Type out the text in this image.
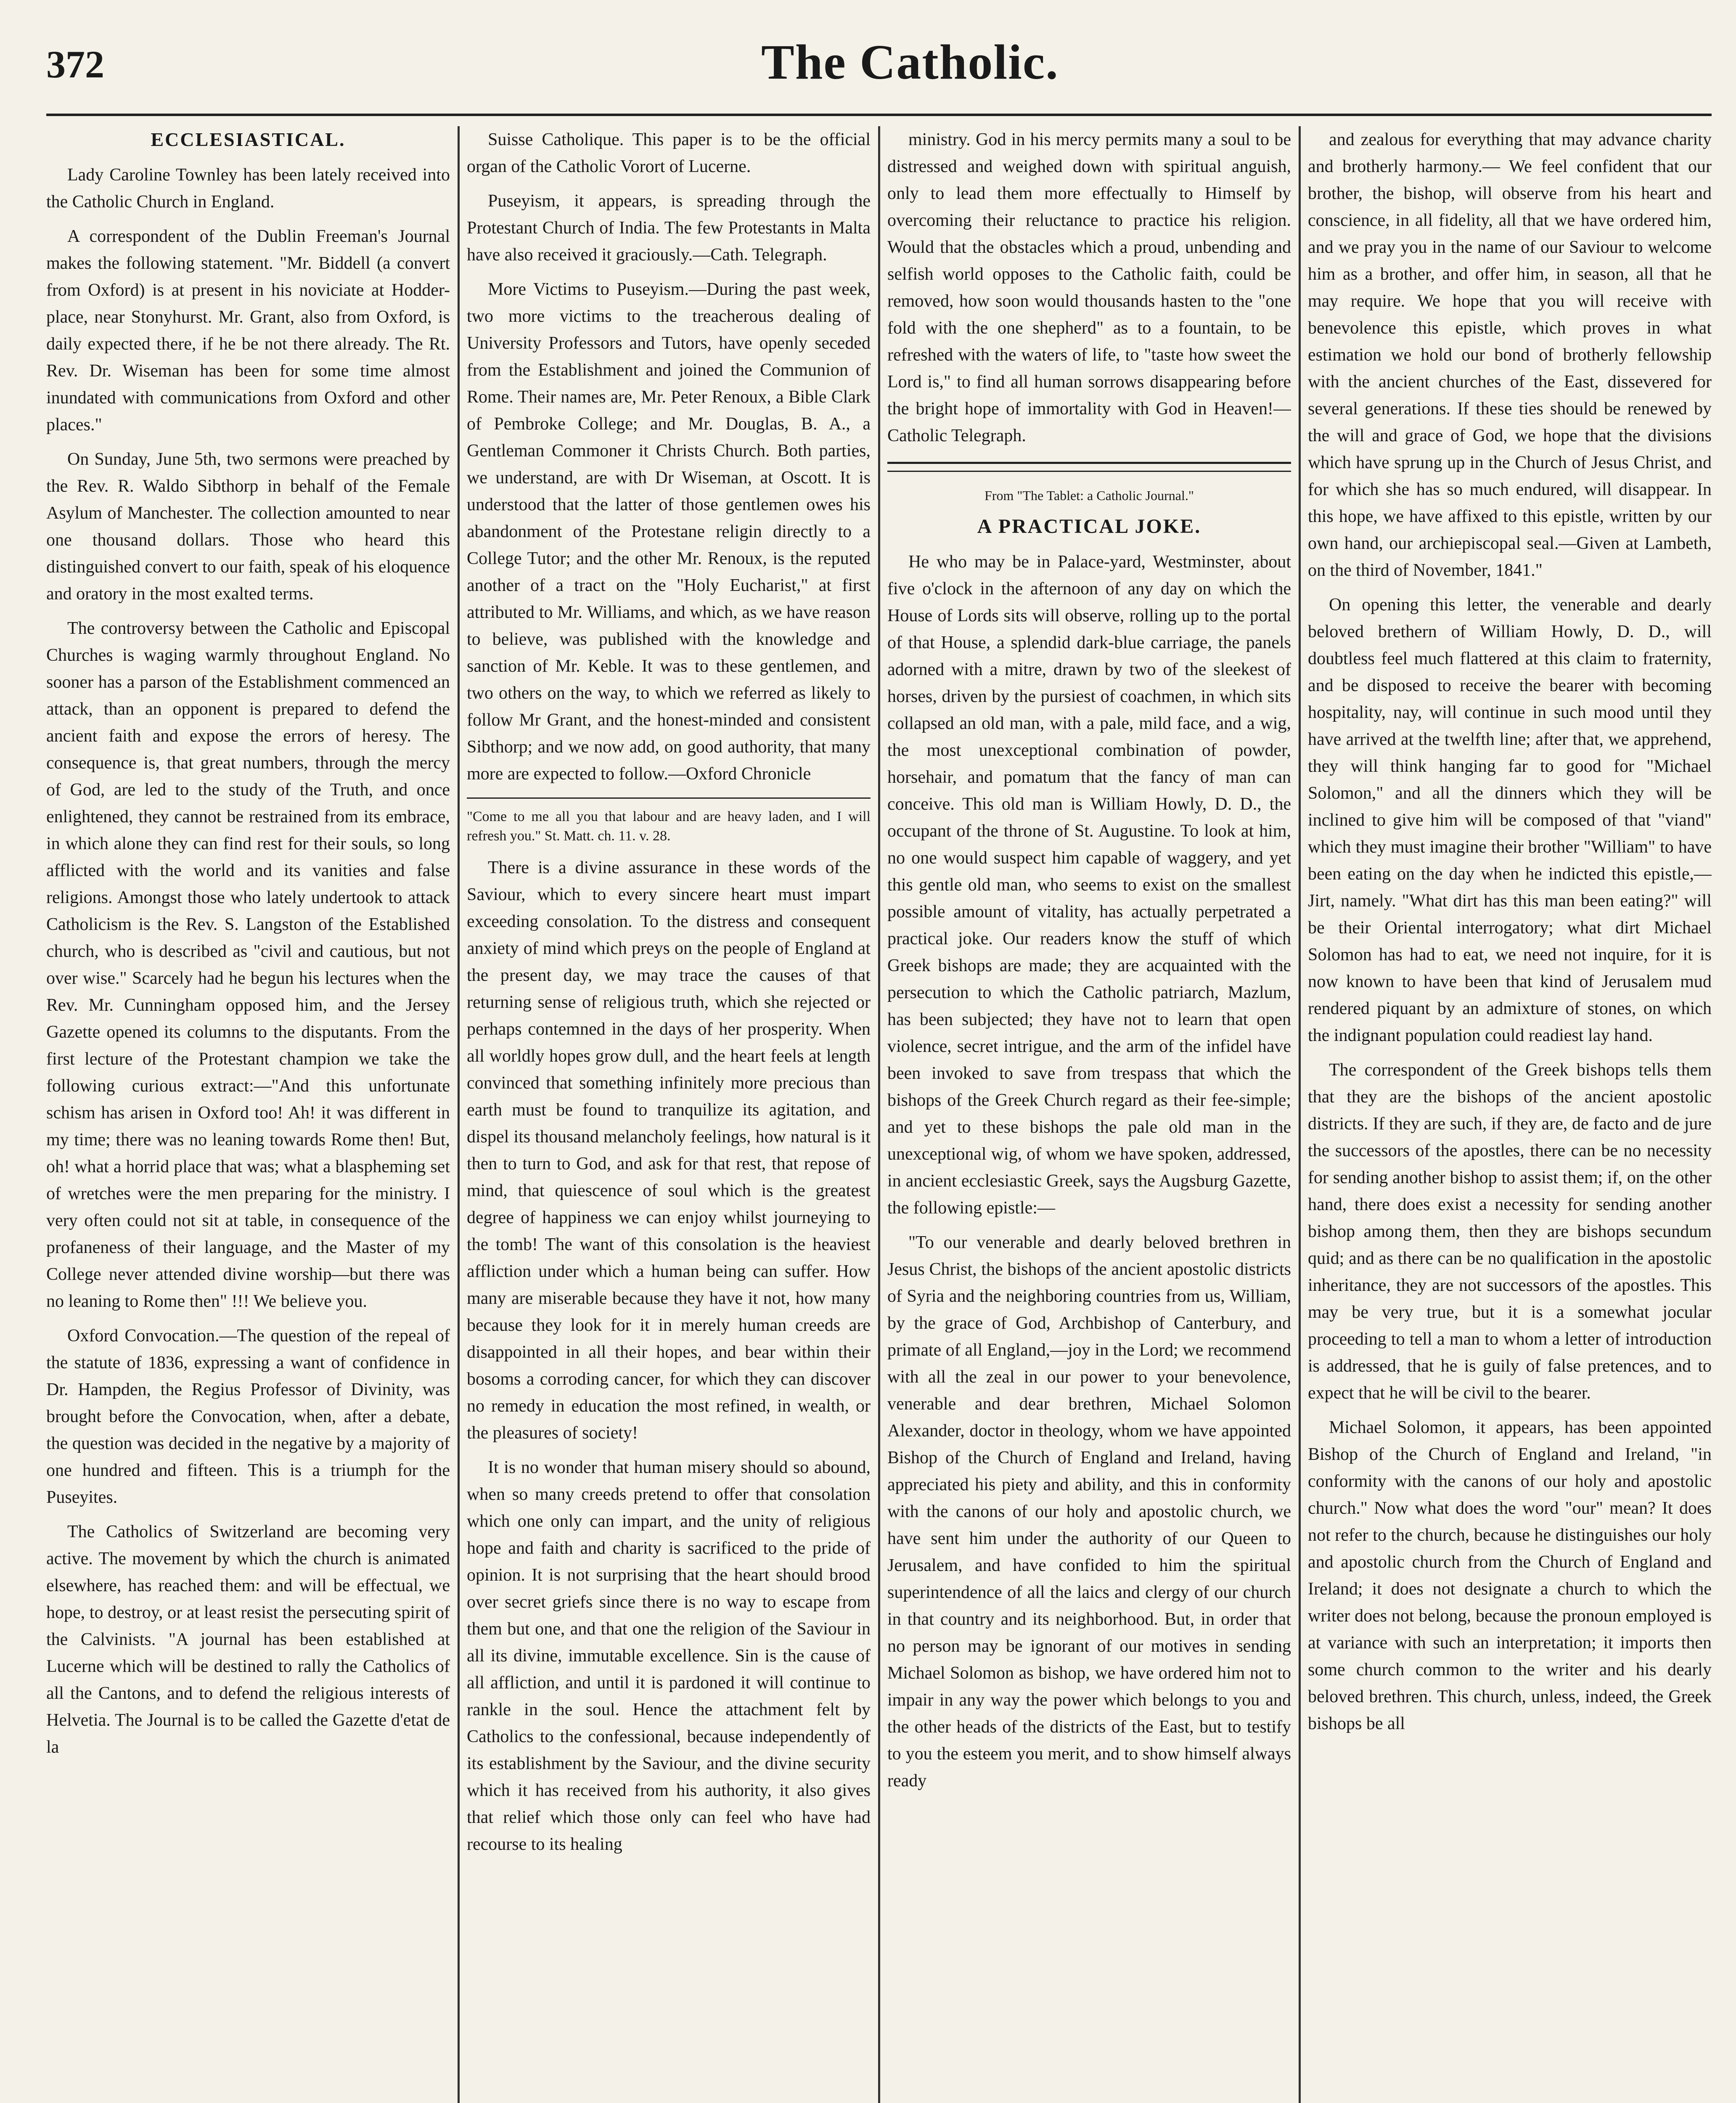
372	The Catholic.
ECCLESIASTICAL.

Lady Caroline Townley has been lately received into the Catholic Church in England.

A correspondent of the Dublin Freeman's Journal makes the following statement. "Mr. Biddell (a convert from Oxford) is at present in his noviciate at Hodder-place, near Stonyhurst. Mr. Grant, also from Oxford, is daily expected there, if he be not there already. The Rt. Rev. Dr. Wiseman has been for some time almost inundated with communications from Oxford and other places."

On Sunday, June 5th, two sermons were preached by the Rev. R. Waldo Sibthorp in behalf of the Female Asylum of Manchester. The collection amounted to near one thousand dollars. Those who heard this distinguished convert to our faith, speak of his eloquence and oratory in the most exalted terms.

The controversy between the Catholic and Episcopal Churches is waging warmly throughout England. No sooner has a parson of the Establishment commenced an attack, than an opponent is prepared to defend the ancient faith and expose the errors of heresy. The consequence is, that great numbers, through the mercy of God, are led to the study of the Truth, and once enlightened, they cannot be restrained from its embrace, in which alone they can find rest for their souls, so long afflicted with the world and its vanities and false religions. Amongst those who lately undertook to attack Catholicism is the Rev. S. Langston of the Established church, who is described as "civil and cautious, but not over wise." Scarcely had he begun his lectures when the Rev. Mr. Cunningham opposed him, and the Jersey Gazette opened its columns to the disputants. From the first lecture of the Protestant champion we take the following curious extract:—"And this unfortunate schism has arisen in Oxford too! Ah! it was different in my time; there was no leaning towards Rome then! But, oh! what a horrid place that was; what a blaspheming set of wretches were the men preparing for the ministry. I very often could not sit at table, in consequence of the profaneness of their language, and the Master of my College never attended divine worship—but there was no leaning to Rome then" !!! We believe you.

Oxford Convocation.—The question of the repeal of the statute of 1836, expressing a want of confidence in Dr. Hampden, the Regius Professor of Divinity, was brought before the Convocation, when, after a debate, the question was decided in the negative by a majority of one hundred and fifteen. This is a triumph for the Puseyites.

The Catholics of Switzerland are becoming very active. The movement by which the church is animated elsewhere, has reached them: and will be effectual, we hope, to destroy, or at least resist the persecuting spirit of the Calvinists. "A journal has been established at Lucerne which will be destined to rally the Catholics of all the Cantons, and to defend the religious interests of Helvetia. The Journal is to be called the Gazette d'etat de la

Suisse Catholique. This paper is to be the official organ of the Catholic Vorort of Lucerne.

Puseyism, it appears, is spreading through the Protestant Church of India. The few Protestants in Malta have also received it graciously.—Cath. Telegraph.

More Victims to Puseyism.—During the past week, two more victims to the treacherous dealing of University Professors and Tutors, have openly seceded from the Establishment and joined the Communion of Rome. Their names are, Mr. Peter Renoux, a Bible Clark of Pembroke College; and Mr. Douglas, B. A., a Gentleman Commoner it Christs Church. Both parties, we understand, are with Dr Wiseman, at Oscott. It is understood that the latter of those gentlemen owes his abandonment of the Protestane religin directly to a College Tutor; and the other Mr. Renoux, is the reputed another of a tract on the "Holy Eucharist," at first attributed to Mr. Williams, and which, as we have reason to believe, was published with the knowledge and sanction of Mr. Keble. It was to these gentlemen, and two others on the way, to which we referred as likely to follow Mr Grant, and the honest-minded and consistent Sibthorp; and we now add, on good authority, that many more are expected to follow.—Oxford Chronicle

"Come to me all you that labour and are heavy laden, and I will refresh you." St. Matt. ch. 11. v. 28.

There is a divine assurance in these words of the Saviour, which to every sincere heart must impart exceeding consolation. To the distress and consequent anxiety of mind which preys on the people of England at the present day, we may trace the causes of that returning sense of religious truth, which she rejected or perhaps contemned in the days of her prosperity. When all worldly hopes grow dull, and the heart feels at length convinced that something infinitely more precious than earth must be found to tranquilize its agitation, and dispel its thousand melancholy feelings, how natural is it then to turn to God, and ask for that rest, that repose of mind, that quiescence of soul which is the greatest degree of happiness we can enjoy whilst journeying to the tomb! The want of this consolation is the heaviest affliction under which a human being can suffer. How many are miserable because they have it not, how many because they look for it in merely human creeds are disappointed in all their hopes, and bear within their bosoms a corroding cancer, for which they can discover no remedy in education the most refined, in wealth, or the pleasures of society!

It is no wonder that human misery should so abound, when so many creeds pretend to offer that consolation which one only can impart, and the unity of religious hope and faith and charity is sacrificed to the pride of opinion. It is not surprising that the heart should brood over secret griefs since there is no way to escape from them but one, and that one the religion of the Saviour in all its divine, immutable excellence. Sin is the cause of all affliction, and until it is pardoned it will continue to rankle in the soul. Hence the attachment felt by Catholics to the confessional, because independently of its establishment by the Saviour, and the divine security which it has received from his authority, it also gives that relief which those only can feel who have had recourse to its healing

ministry. God in his mercy permits many a soul to be distressed and weighed down with spiritual anguish, only to lead them more effectually to Himself by overcoming their reluctance to practice his religion. Would that the obstacles which a proud, unbending and selfish world opposes to the Catholic faith, could be removed, how soon would thousands hasten to the "one fold with the one shepherd" as to a fountain, to be refreshed with the waters of life, to "taste how sweet the Lord is," to find all human sorrows disappearing before the bright hope of immortality with God in Heaven!—Catholic Telegraph.

From "The Tablet: a Catholic Journal."
A PRACTICAL JOKE.

He who may be in Palace-yard, Westminster, about five o'clock in the afternoon of any day on which the House of Lords sits will observe, rolling up to the portal of that House, a splendid dark-blue carriage, the panels adorned with a mitre, drawn by two of the sleekest of horses, driven by the pursiest of coachmen, in which sits collapsed an old man, with a pale, mild face, and a wig, the most unexceptional combination of powder, horsehair, and pomatum that the fancy of man can conceive. This old man is William Howly, D. D., the occupant of the throne of St. Augustine. To look at him, no one would suspect him capable of waggery, and yet this gentle old man, who seems to exist on the smallest possible amount of vitality, has actually perpetrated a practical joke. Our readers know the stuff of which Greek bishops are made; they are acquainted with the persecution to which the Catholic patriarch, Mazlum, has been subjected; they have not to learn that open violence, secret intrigue, and the arm of the infidel have been invoked to save from trespass that which the bishops of the Greek Church regard as their fee-simple; and yet to these bishops the pale old man in the unexceptional wig, of whom we have spoken, addressed, in ancient ecclesiastic Greek, says the Augsburg Gazette, the following epistle:—

"To our venerable and dearly beloved brethren in Jesus Christ, the bishops of the ancient apostolic districts of Syria and the neighboring countries from us, William, by the grace of God, Archbishop of Canterbury, and primate of all England,—joy in the Lord; we recommend with all the zeal in our power to your benevolence, venerable and dear brethren, Michael Solomon Alexander, doctor in theology, whom we have appointed Bishop of the Church of England and Ireland, having appreciated his piety and ability, and this in conformity with the canons of our holy and apostolic church, we have sent him under the authority of our Queen to Jerusalem, and have confided to him the spiritual superintendence of all the laics and clergy of our church in that country and its neighborhood. But, in order that no person may be ignorant of our motives in sending Michael Solomon as bishop, we have ordered him not to impair in any way the power which belongs to you and the other heads of the districts of the East, but to testify to you the esteem you merit, and to show himself always ready

and zealous for everything that may advance charity and brotherly harmony.— We feel confident that our brother, the bishop, will observe from his heart and conscience, in all fidelity, all that we have ordered him, and we pray you in the name of our Saviour to welcome him as a brother, and offer him, in season, all that he may require. We hope that you will receive with benevolence this epistle, which proves in what estimation we hold our bond of brotherly fellowship with the ancient churches of the East, dissevered for several generations. If these ties should be renewed by the will and grace of God, we hope that the divisions which have sprung up in the Church of Jesus Christ, and for which she has so much endured, will disappear. In this hope, we have affixed to this epistle, written by our own hand, our archiepiscopal seal.—Given at Lambeth, on the third of November, 1841."

On opening this letter, the venerable and dearly beloved brethern of William Howly, D. D., will doubtless feel much flattered at this claim to fraternity, and be disposed to receive the bearer with becoming hospitality, nay, will continue in such mood until they have arrived at the twelfth line; after that, we apprehend, they will think hanging far to good for "Michael Solomon," and all the dinners which they will be inclined to give him will be composed of that "viand" which they must imagine their brother "William" to have been eating on the day when he indicted this epistle,—Jirt, namely. "What dirt has this man been eating?" will be their Oriental interrogatory; what dirt Michael Solomon has had to eat, we need not inquire, for it is now known to have been that kind of Jerusalem mud rendered piquant by an admixture of stones, on which the indignant population could readiest lay hand.

The correspondent of the Greek bishops tells them that they are the bishops of the ancient apostolic districts. If they are such, if they are, de facto and de jure the successors of the apostles, there can be no necessity for sending another bishop to assist them; if, on the other hand, there does exist a necessity for sending another bishop among them, then they are bishops secundum quid; and as there can be no qualification in the apostolic inheritance, they are not successors of the apostles. This may be very true, but it is a somewhat jocular proceeding to tell a man to whom a letter of introduction is addressed, that he is guily of false pretences, and to expect that he will be civil to the bearer.

Michael Solomon, it appears, has been appointed Bishop of the Church of England and Ireland, "in conformity with the canons of our holy and apostolic church." Now what does the word "our" mean? It does not refer to the church, because he distinguishes our holy and apostolic church from the Church of England and Ireland; it does not designate a church to which the writer does not belong, because the pronoun employed is at variance with such an interpretation; it imports then some church common to the writer and his dearly beloved brethren. This church, unless, indeed, the Greek bishops be all
